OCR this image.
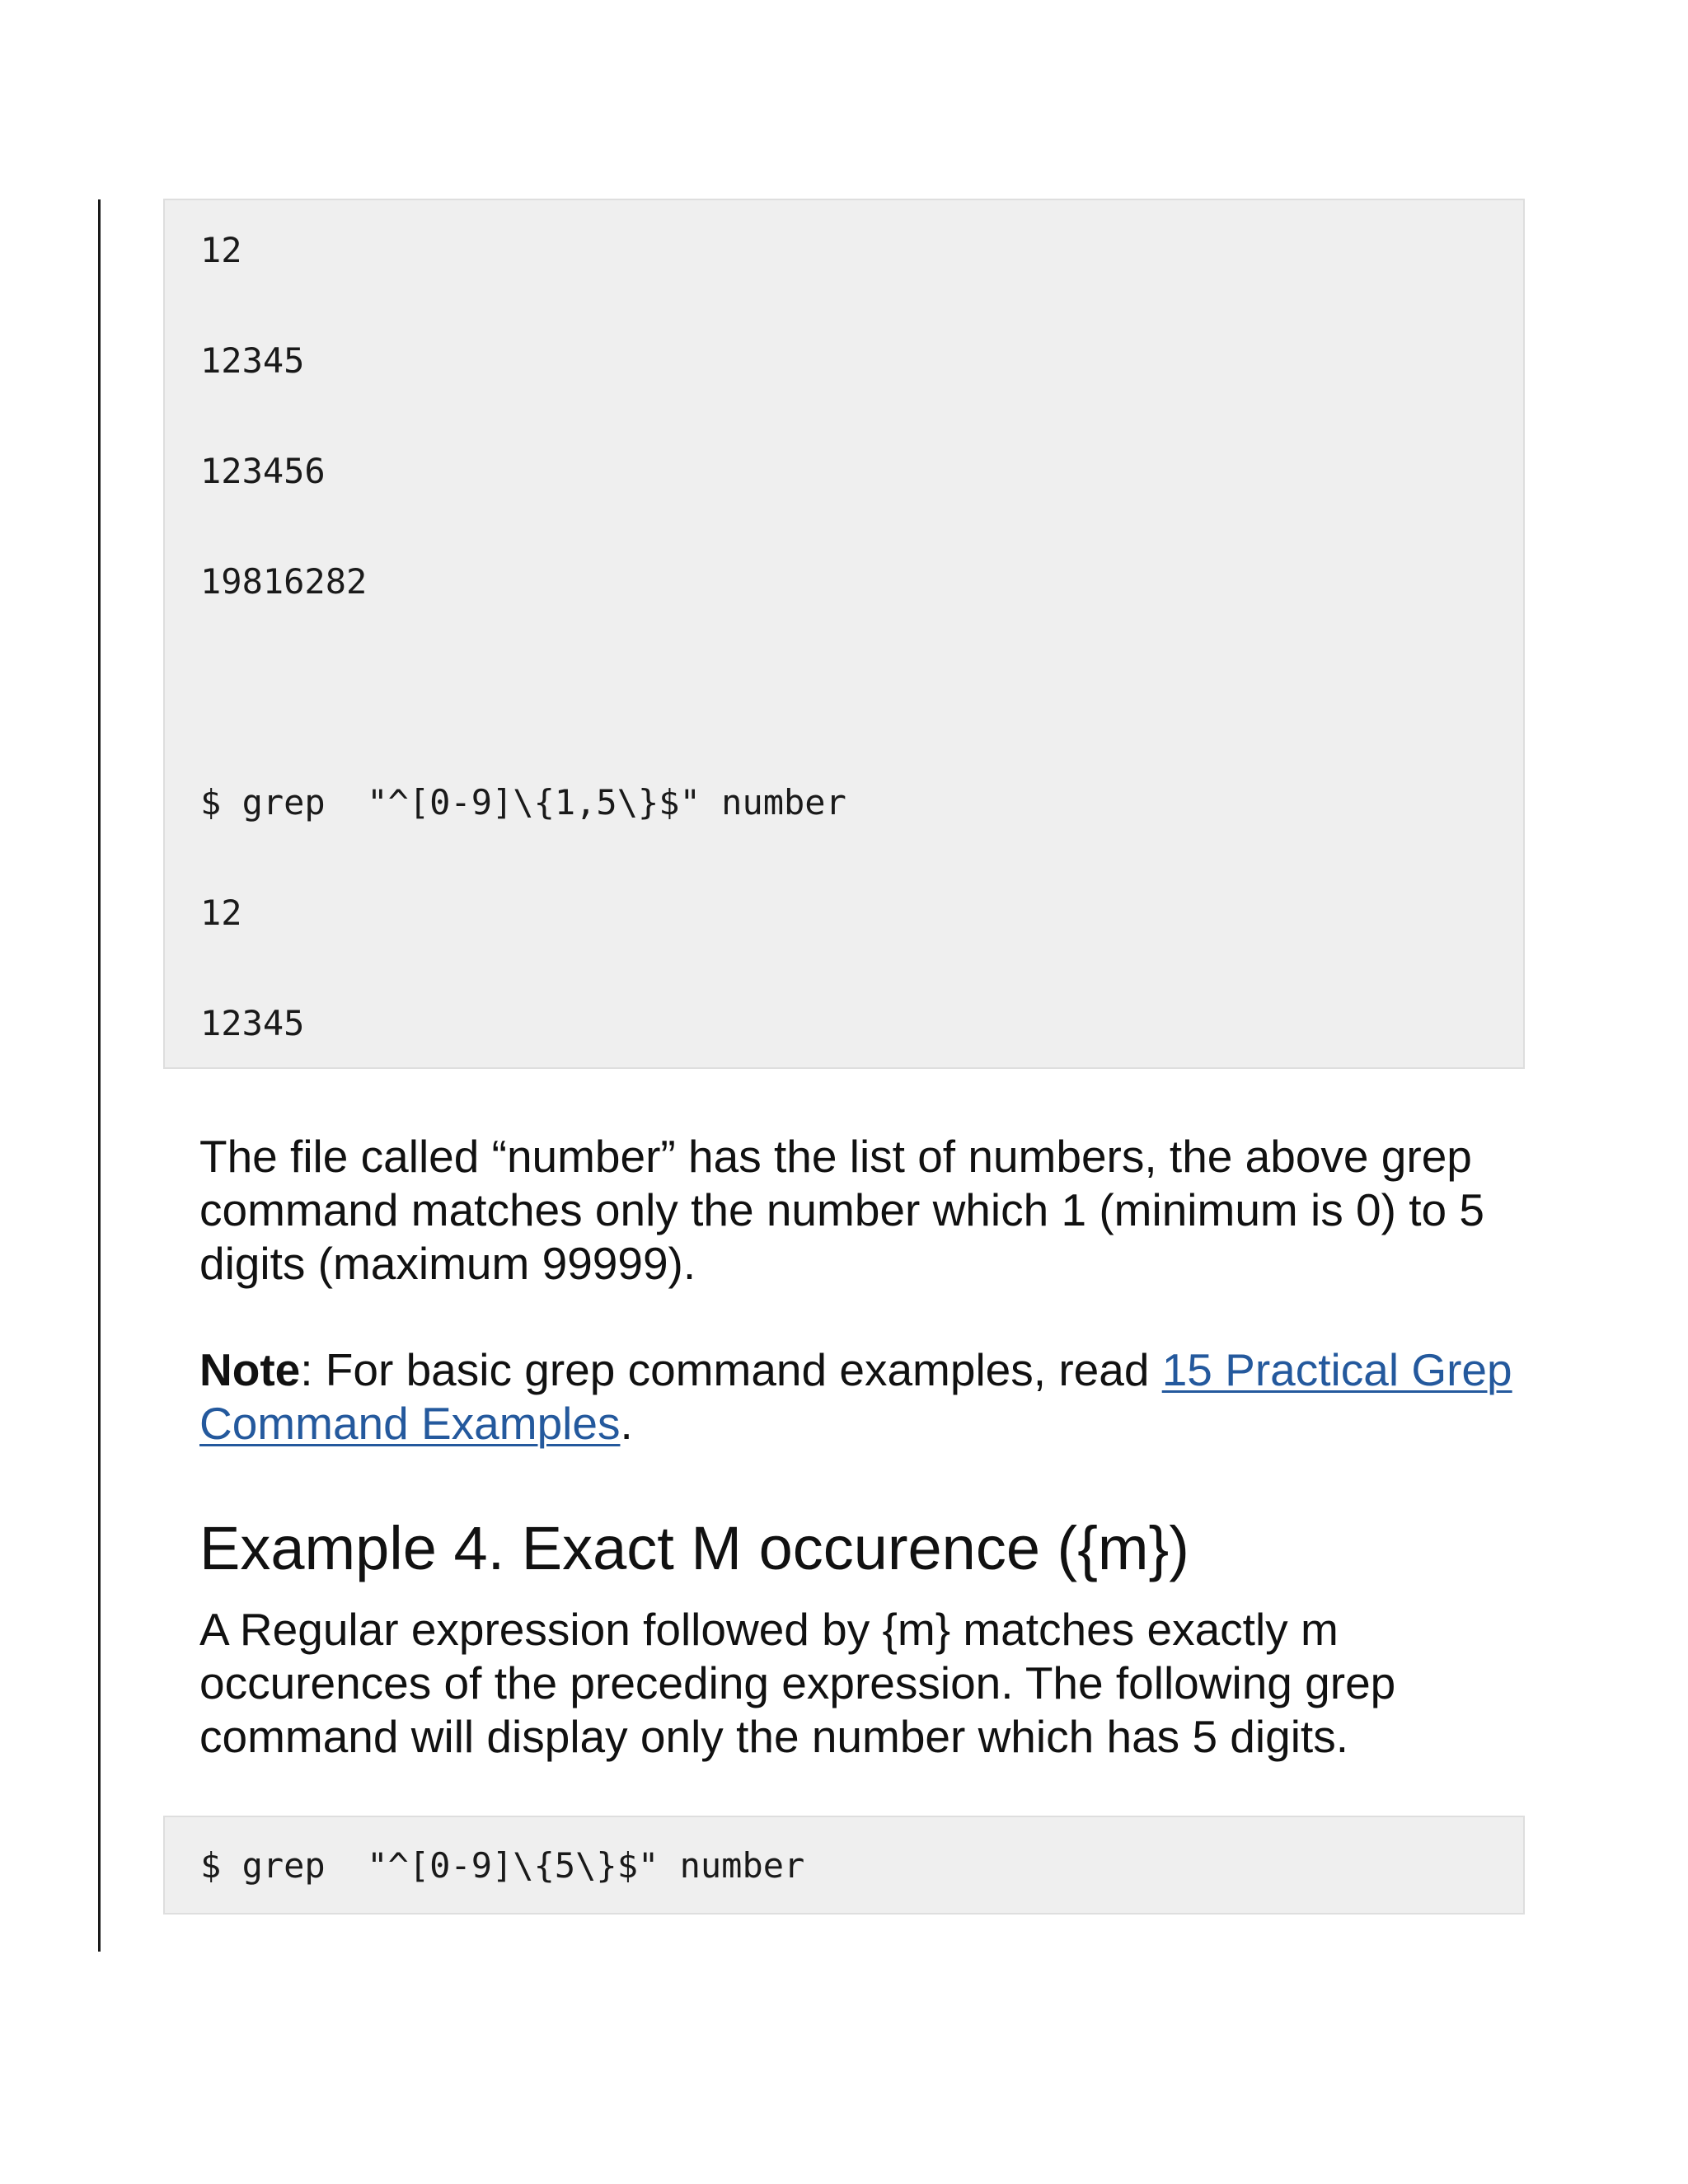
12
12345
123456
19816282
$ grep  "^[0-9]\{1,5\}$" number
12
12345

The file called “number” has the list of numbers, the above grep command matches only the number which 1 (minimum is 0) to 5 digits (maximum 99999).

Note: For basic grep command examples, read 15 Practical Grep Command Examples.

Example 4. Exact M occurence ({m})

A Regular expression followed by {m} matches exactly m occurences of the preceding expression. The following grep command will display only the number which has 5 digits.

$ grep  "^[0-9]\{5\}$" number
